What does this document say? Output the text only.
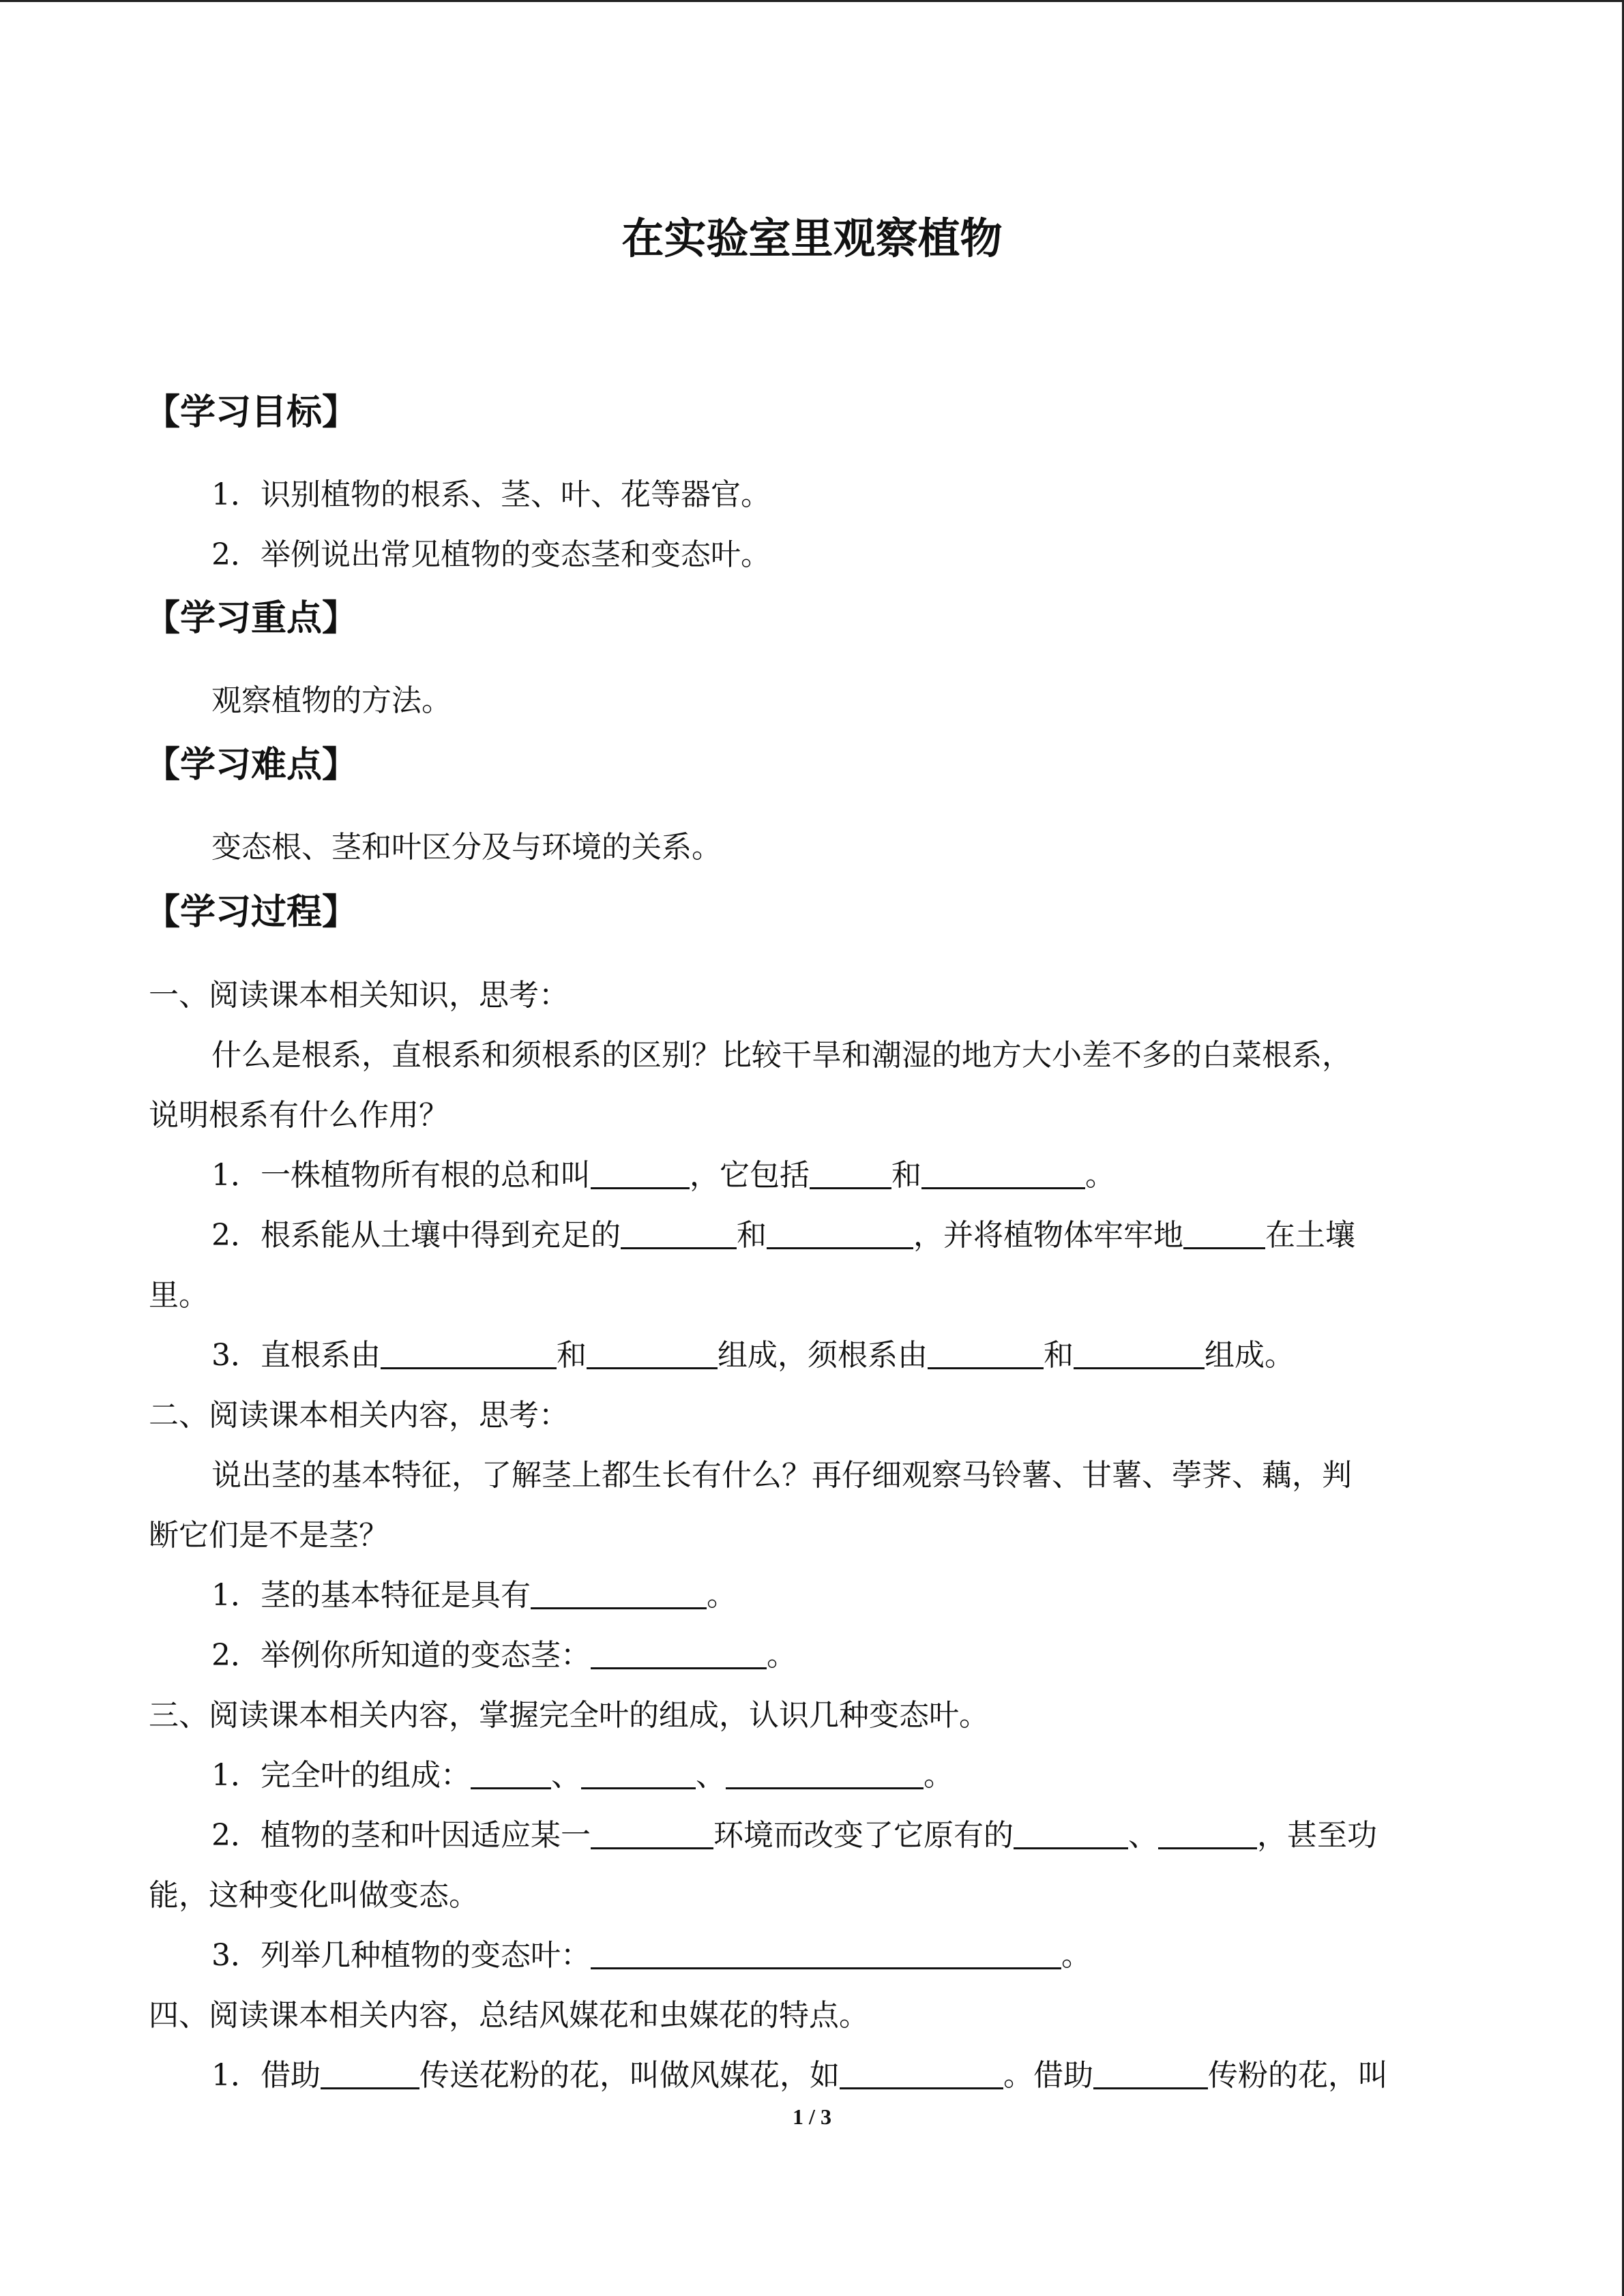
在实验室里观察植物
【学习目标】
1．识别植物的根系、茎、叶、花等器官。
2．举例说出常见植物的变态茎和变态叶。
【学习重点】
观察植物的方法。
【学习难点】
变态根、茎和叶区分及与环境的关系。
【学习过程】
一、阅读课本相关知识，思考：
什么是根系，直根系和须根系的区别？比较干旱和潮湿的地方大小差不多的白菜根系，
说明根系有什么作用？
1．一株植物所有根的总和叫	，它包括	和	。
2．根系能从土壤中得到充足的	和	，并将植物体牢牢地	在土壤
里。
3．直根系由	和	组成，须根系由	和	组成。
二、阅读课本相关内容，思考：
说出茎的基本特征，了解茎上都生长有什么？再仔细观察马铃薯、甘薯、荸荠、藕，判
断它们是不是茎？
1．茎的基本特征是具有	。
2．举例你所知道的变态茎：	。
三、阅读课本相关内容，掌握完全叶的组成，认识几种变态叶。
1．完全叶的组成：	、	、	。
2．植物的茎和叶因适应某一	环境而改变了它原有的	、	，甚至功
能，这种变化叫做变态。
3．列举几种植物的变态叶：	。
四、阅读课本相关内容，总结风媒花和虫媒花的特点。
1．借助	传送花粉的花，叫做风媒花，如	。借助	传粉的花，叫
1 / 3
